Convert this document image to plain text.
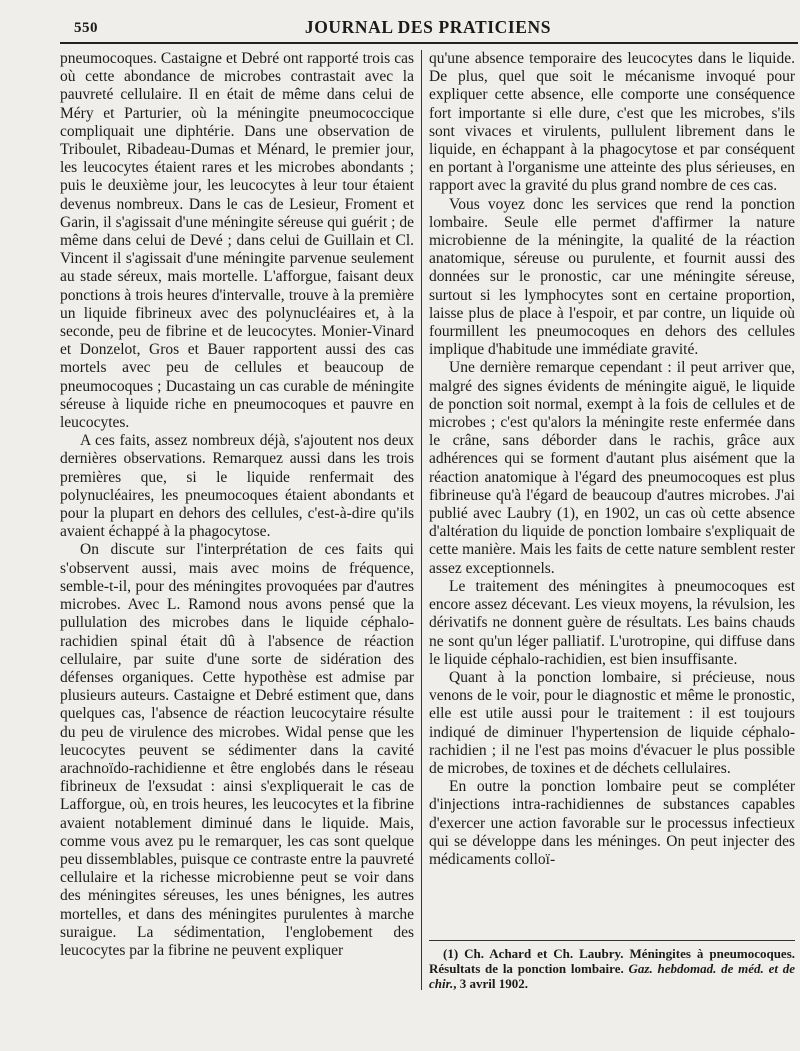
550	JOURNAL DES PRATICIENS

pneumocoques. Castaigne et Debré ont rapporté trois cas où cette abondance de microbes contrastait avec la pauvreté cellulaire. Il en était de même dans celui de Méry et Parturier, où la méningite pneumococcique compliquait une diphtérie. Dans une observation de Triboulet, Ribadeau-Dumas et Ménard, le premier jour, les leucocytes étaient rares et les microbes abondants ; puis le deuxième jour, les leucocytes à leur tour étaient devenus nombreux. Dans le cas de Lesieur, Froment et Garin, il s'agissait d'une méningite séreuse qui guérit ; de même dans celui de Devé ; dans celui de Guillain et Cl. Vincent il s'agissait d'une méningite parvenue seulement au stade séreux, mais mortelle. L'afforgue, faisant deux ponctions à trois heures d'intervalle, trouve à la première un liquide fibrineux avec des polynucléaires et, à la seconde, peu de fibrine et de leucocytes. Monier-Vinard et Donzelot, Gros et Bauer rapportent aussi des cas mortels avec peu de cellules et beaucoup de pneumocoques ; Ducastaing un cas curable de méningite séreuse à liquide riche en pneumocoques et pauvre en leucocytes.

A ces faits, assez nombreux déjà, s'ajoutent nos deux dernières observations. Remarquez aussi dans les trois premières que, si le liquide renfermait des polynucléaires, les pneumocoques étaient abondants et pour la plupart en dehors des cellules, c'est-à-dire qu'ils avaient échappé à la phagocytose.

On discute sur l'interprétation de ces faits qui s'observent aussi, mais avec moins de fréquence, semble-t-il, pour des méningites provoquées par d'autres microbes. Avec L. Ramond nous avons pensé que la pullulation des microbes dans le liquide céphalo-rachidien spinal était dû à l'absence de réaction cellulaire, par suite d'une sorte de sidération des défenses organiques. Cette hypothèse est admise par plusieurs auteurs. Castaigne et Debré estiment que, dans quelques cas, l'absence de réaction leucocytaire résulte du peu de virulence des microbes. Widal pense que les leucocytes peuvent se sédimenter dans la cavité arachnoïdo-rachidienne et être englobés dans le réseau fibrineux de l'exsudat : ainsi s'expliquerait le cas de Lafforgue, où, en trois heures, les leucocytes et la fibrine avaient notablement diminué dans le liquide. Mais, comme vous avez pu le remarquer, les cas sont quelque peu dissemblables, puisque ce contraste entre la pauvreté cellulaire et la richesse microbienne peut se voir dans des méningites séreuses, les unes bénignes, les autres mortelles, et dans des méningites purulentes à marche suraigue. La sédimentation, l'englobement des leucocytes par la fibrine ne peuvent expliquer

qu'une absence temporaire des leucocytes dans le liquide. De plus, quel que soit le mécanisme invoqué pour expliquer cette absence, elle comporte une conséquence fort importante si elle dure, c'est que les microbes, s'ils sont vivaces et virulents, pullulent librement dans le liquide, en échappant à la phagocytose et par conséquent en portant à l'organisme une atteinte des plus sérieuses, en rapport avec la gravité du plus grand nombre de ces cas.

Vous voyez donc les services que rend la ponction lombaire. Seule elle permet d'affirmer la nature microbienne de la méningite, la qualité de la réaction anatomique, séreuse ou purulente, et fournit aussi des données sur le pronostic, car une méningite séreuse, surtout si les lymphocytes sont en certaine proportion, laisse plus de place à l'espoir, et par contre, un liquide où fourmillent les pneumocoques en dehors des cellules implique d'habitude une immédiate gravité.

Une dernière remarque cependant : il peut arriver que, malgré des signes évidents de méningite aiguë, le liquide de ponction soit normal, exempt à la fois de cellules et de microbes ; c'est qu'alors la méningite reste enfermée dans le crâne, sans déborder dans le rachis, grâce aux adhérences qui se forment d'autant plus aisément que la réaction anatomique à l'égard des pneumocoques est plus fibrineuse qu'à l'égard de beaucoup d'autres microbes. J'ai publié avec Laubry (1), en 1902, un cas où cette absence d'altération du liquide de ponction lombaire s'expliquait de cette manière. Mais les faits de cette nature semblent rester assez exceptionnels.

Le traitement des méningites à pneumocoques est encore assez décevant. Les vieux moyens, la révulsion, les dérivatifs ne donnent guère de résultats. Les bains chauds ne sont qu'un léger palliatif. L'urotropine, qui diffuse dans le liquide céphalo-rachidien, est bien insuffisante.

Quant à la ponction lombaire, si précieuse, nous venons de le voir, pour le diagnostic et même le pronostic, elle est utile aussi pour le traitement : il est toujours indiqué de diminuer l'hypertension de liquide céphalo-rachidien ; il ne l'est pas moins d'évacuer le plus possible de microbes, de toxines et de déchets cellulaires.

En outre la ponction lombaire peut se compléter d'injections intra-rachidiennes de substances capables d'exercer une action favorable sur le processus infectieux qui se développe dans les méninges. On peut injecter des médicaments colloï-

(1) Ch. Achard et Ch. Laubry. Méningites à pneumocoques. Résultats de la ponction lombaire. Gaz. hebdomad. de méd. et de chir., 3 avril 1902.
